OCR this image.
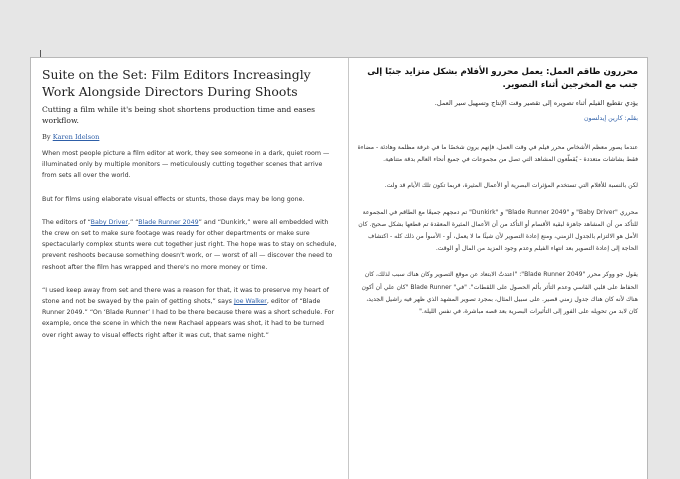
Suite on the Set: Film Editors Increasingly Work Alongside Directors During Shoots

Cutting a film while it's being shot shortens production time and eases workflow.

By Karen Idelson

When most people picture a film editor at work, they see someone in a dark, quiet room — illuminated only by multiple monitors — meticulously cutting together scenes that arrive from sets all over the world.

But for films using elaborate visual effects or stunts, those days may be long gone.

The editors of “Baby Driver,” “Blade Runner 2049” and “Dunkirk,” were all embedded with the crew on set to make sure footage was ready for other departments or make sure spectacularly complex stunts were cut together just right. The hope was to stay on schedule, prevent reshoots because something doesn't work, or — worst of all — discover the need to reshoot after the film has wrapped and there's no more money or time.

“I used keep away from set and there was a reason for that, it was to preserve my heart of stone and not be swayed by the pain of getting shots,” says Joe Walker, editor of “Blade Runner 2049.” “On ‘Blade Runner’ I had to be there because there was a short schedule. For example, once the scene in which the new Rachael appears was shot, it had to be turned over right away to visual effects right after it was cut, that same night.”

محررون طاقم العمل: يعمل محررو الأفلام بشكل متزايد جنبًا إلى جنب مع المخرجين أثناء التصوير.

يؤدي تقطيع الفيلم أثناء تصويره إلى تقصير وقت الإنتاج وتسهيل سير العمل.

بقلم: كارين إيدلسون

عندما يصور معظم الأشخاص محرر فيلم في وقت العمل، فإنهم يرون شخصًا ما في غرفة مظلمة وهادئة - مضاءة فقط بشاشات متعددة - يُقطّعون المشاهد التي تصل من مجموعات في جميع أنحاء العالم بدقة متناهية.

لكن بالنسبة للأفلام التي تستخدم المؤثرات البصرية أو الأعمال المثيرة، فربما تكون تلك الأيام قد ولت.

محرري "Baby Driver" و "Blade Runner 2049" و "Dunkirk" تم دمجهم جميعًا مع الطاقم في المجموعة للتأكد من أن المشاهد جاهزة لبقية الأقسام أو التأكد من أن الأعمال المثيرة المعقدة تم قطعها بشكل صحيح. كان الأمل هو الالتزام بالجدول الزمني، ومنع إعادة التصوير لأن شيئًا ما لا يعمل، أو - الأسوأ من ذلك كله - اكتشاف الحاجة إلى إعادة التصوير بعد انتهاء الفيلم وعدم وجود المزيد من المال أو الوقت.

يقول جو ووكر محرر "Blade Runner 2049": "اعتدتُ الابتعاد عن موقع التصوير وكان هناك سبب لذلك، كان الحفاظ على قلبي القاسي وعدم التأثر بألم الحصول على اللقطات". "في" Blade Runner "كان علي أن أكون هناك لأنه كان هناك جدول زمني قصير. على سبيل المثال، بمجرد تصوير المشهد الذي ظهر فيه راشيل الجديد، كان لابد من تحويله على الفور إلى التأثيرات البصرية بعد قصه مباشرة، في نفس الليلة."
